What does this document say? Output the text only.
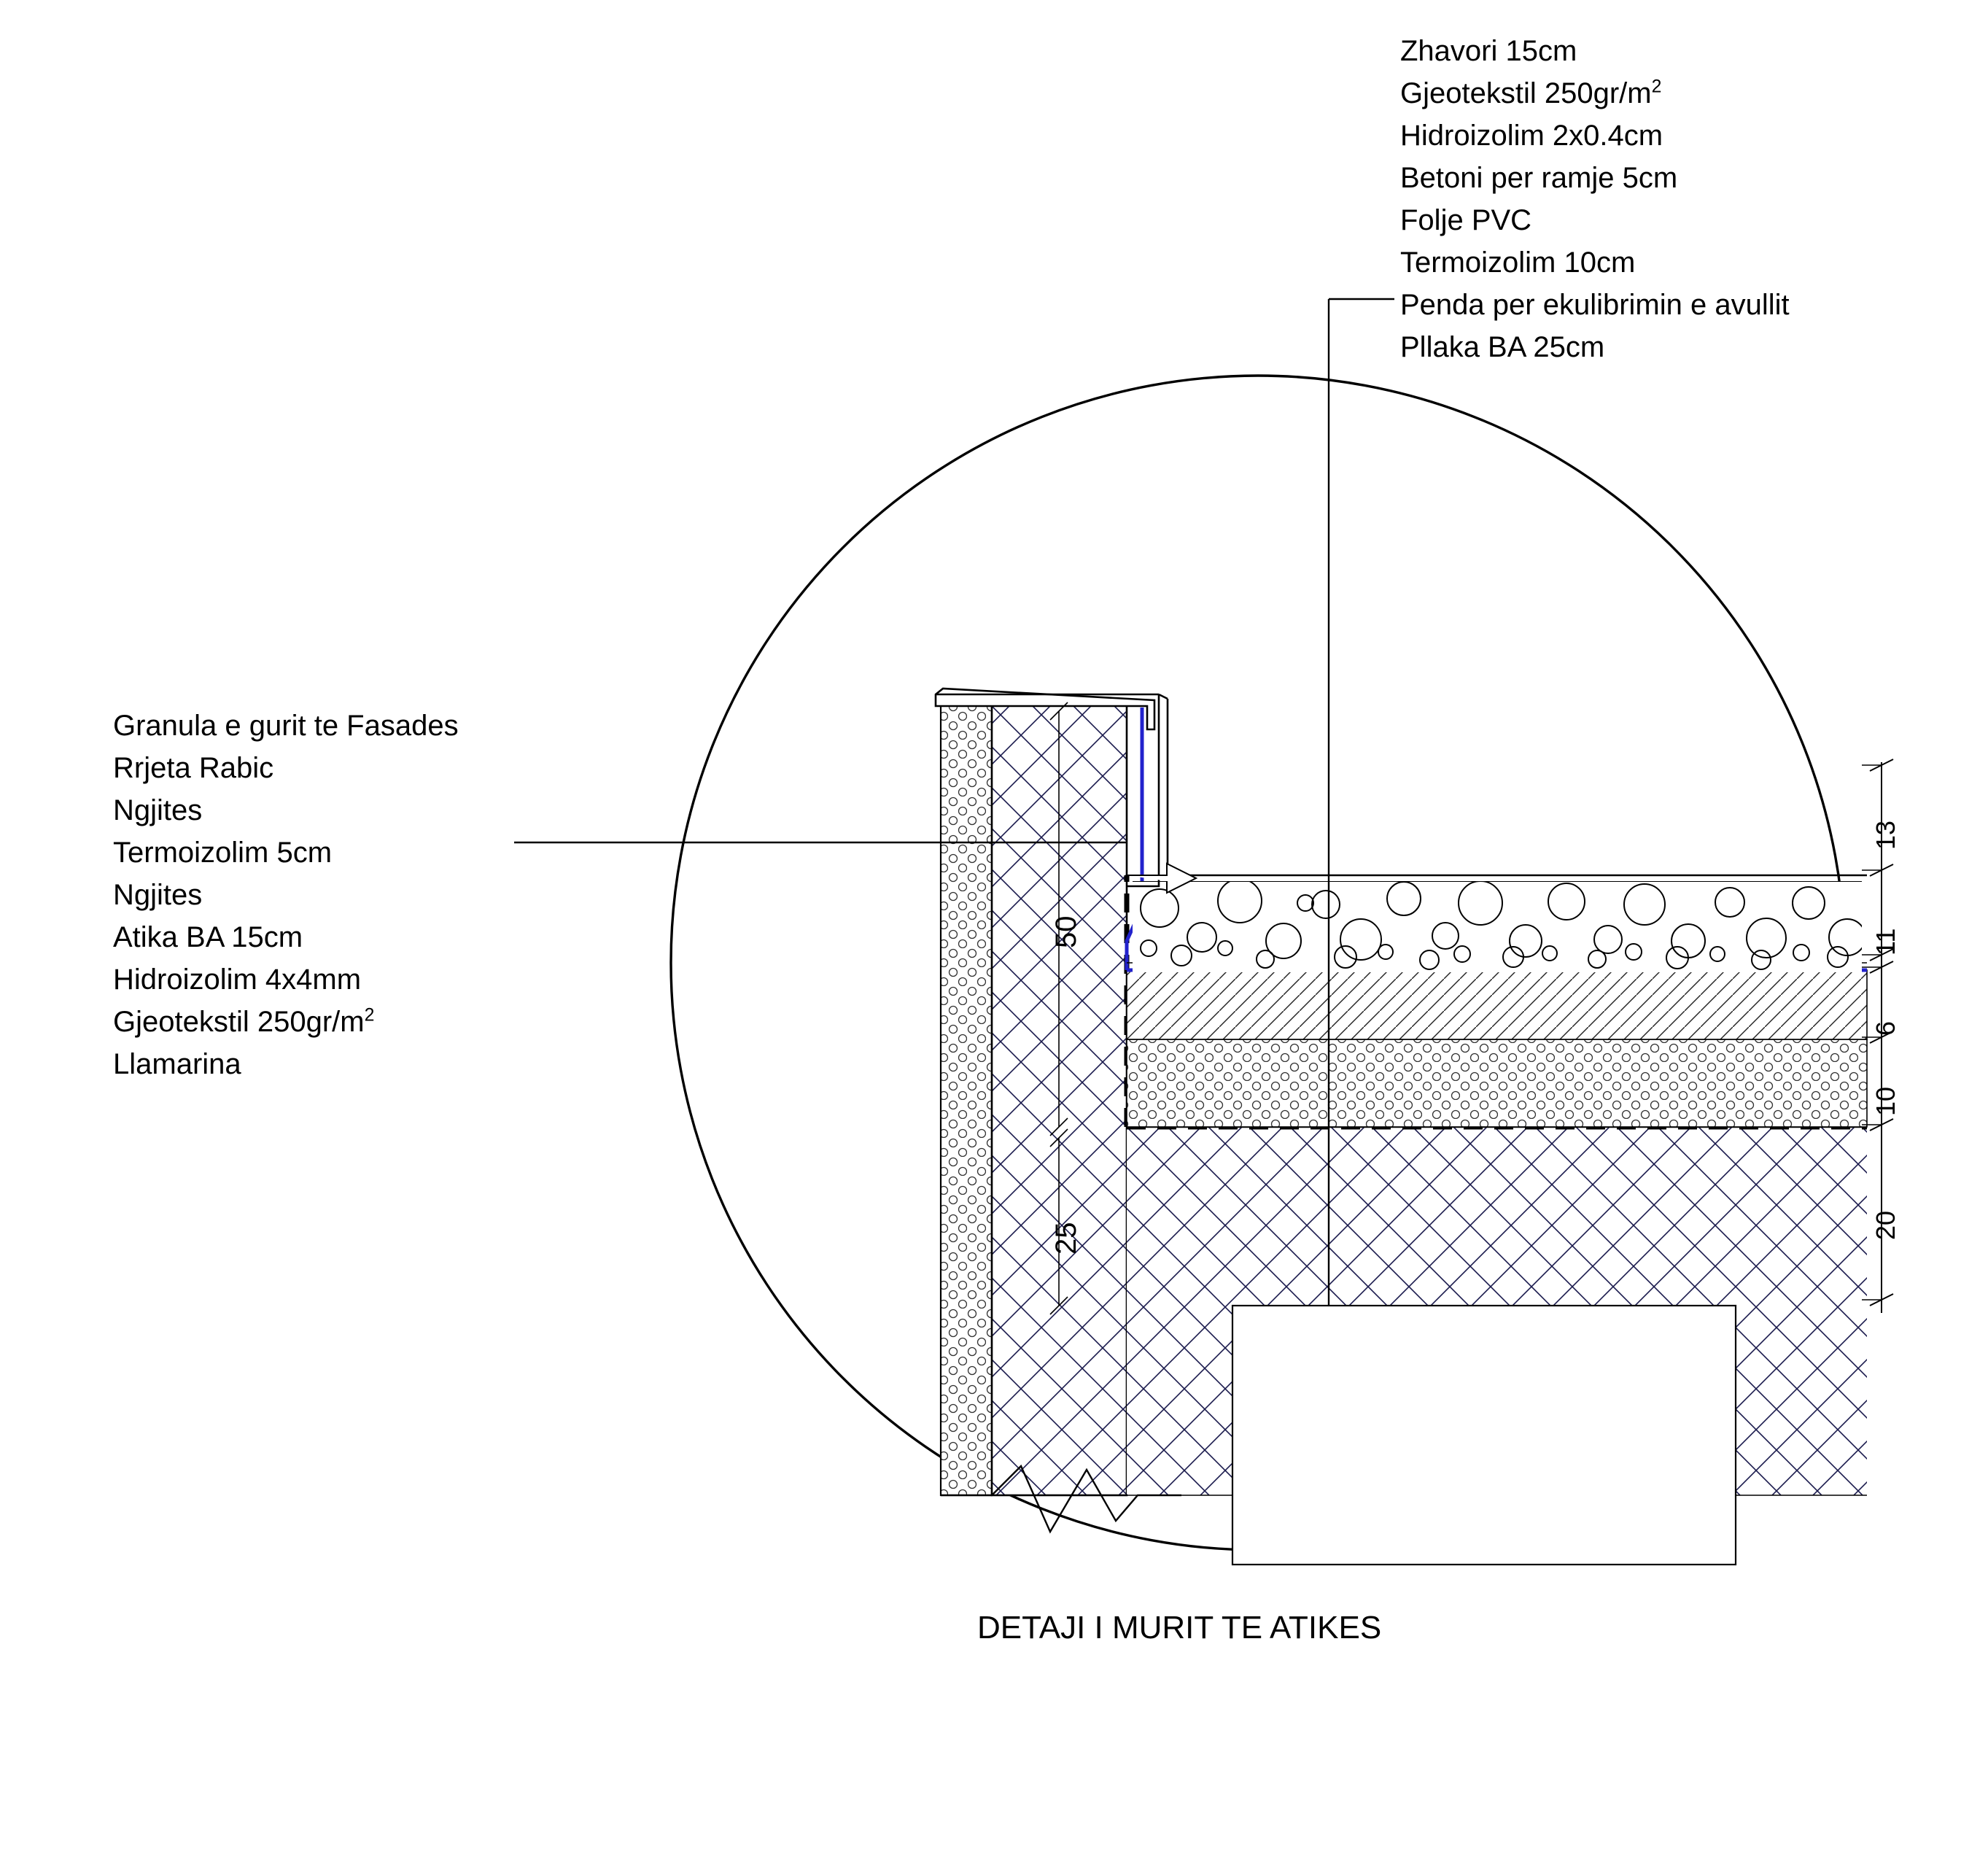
Zhavori 15cm
Gjeotekstil $250gr/m^2$
Hidroizolim 2x0.4cm
Betoni per ramje 5cm
Folje PVC
Termoizolim 10cm
Penda per ekulibrimin e avullit
Pllaka BA 25cm
Granula e gurit te Fasades
Rrjeta Rabic
Ngjites
Termoizolim 5cm
Ngjites
Atika BA 15cm
Hidroizolim 4x4mm
Gjeotekstil $250gr/m^2$
Llamarina
50
25
13
11
6
10
20
DETAJI I MURIT TE ATIKES
